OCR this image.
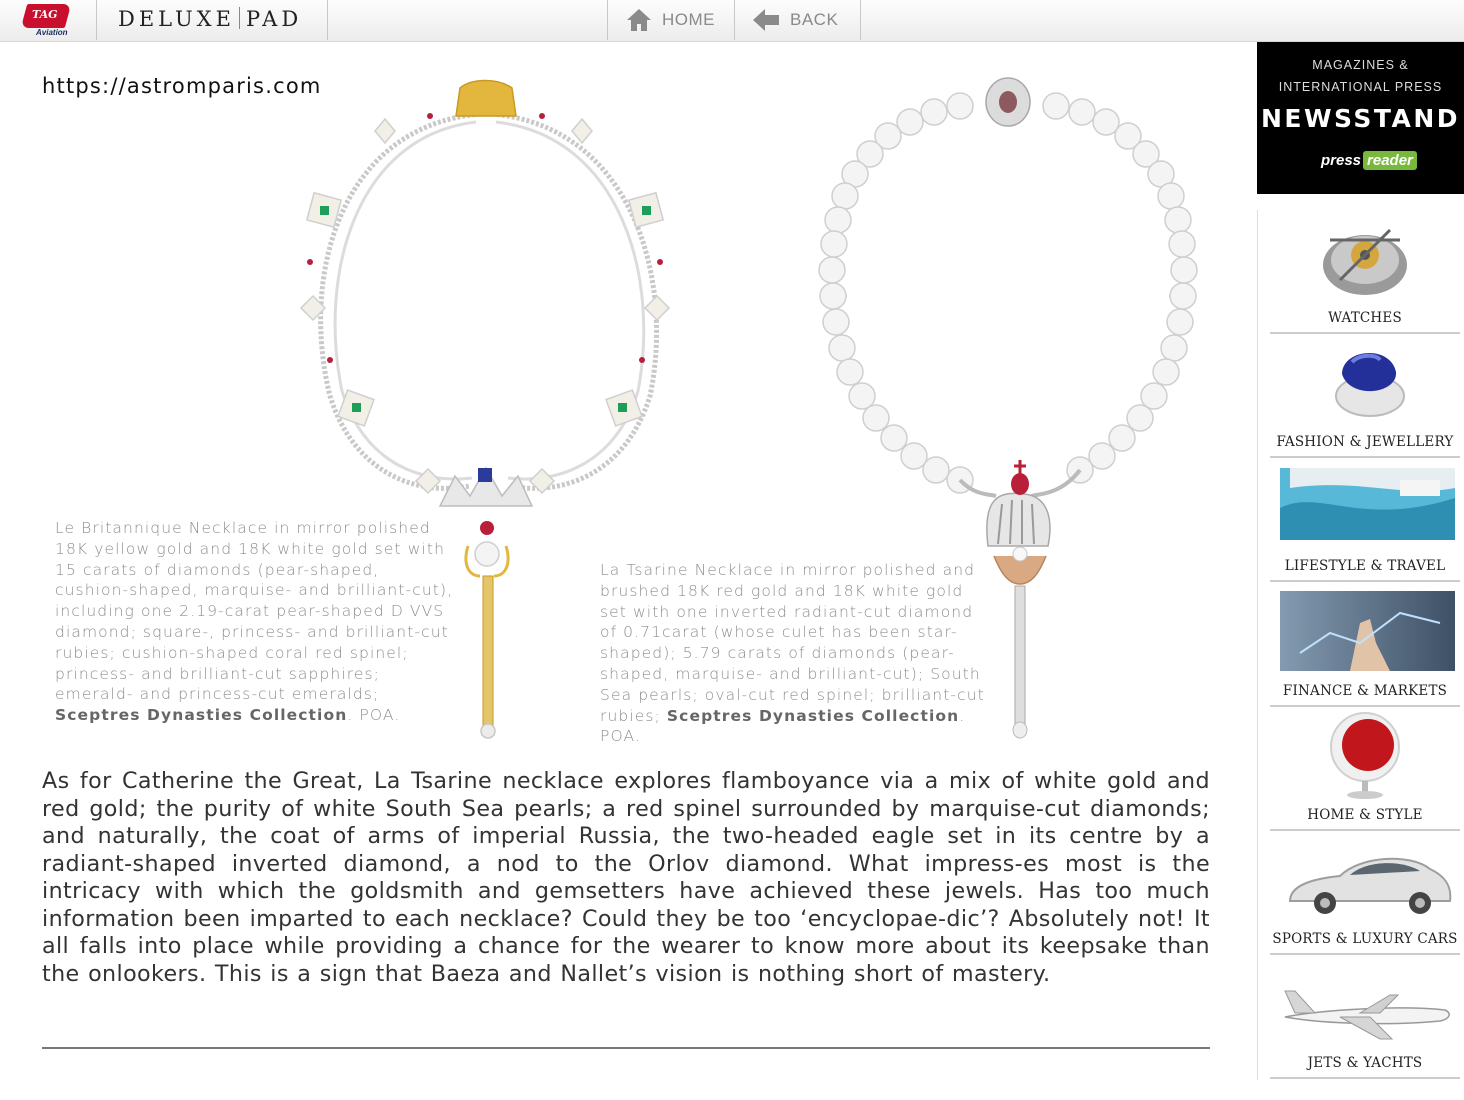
TAG
Aviation
DELUXE PAD	HOME	BACK
https://astromparis.com
Le Britannique Necklace in mirror polished 18K yellow gold and 18K white gold set with 15 carats of diamonds (pear-shaped, cushion-shaped, marquise- and brilliant-cut), including one 2.19-carat pear-shaped D VVS diamond; square-, princess- and brilliant-cut rubies; cushion-shaped coral red spinel; princess- and brilliant-cut sapphires; emerald- and princess-cut emeralds; Sceptres Dynasties Collection. POA.
La Tsarine Necklace in mirror polished and brushed 18K red gold and 18K white gold set with one inverted radiant-cut diamond of 0.71carat (whose culet has been star-shaped); 5.79 carats of diamonds (pear-shaped, marquise- and brilliant-cut); South Sea pearls; oval-cut red spinel; brilliant-cut rubies; Sceptres Dynasties Collection. POA.
As for Catherine the Great, La Tsarine necklace explores flamboyance via a mix of white gold and red gold; the purity of white South Sea pearls; a red spinel surrounded by marquise-cut diamonds; and naturally, the coat of arms of imperial Russia, the two-headed eagle set in its centre by a radiant-shaped inverted diamond, a nod to the Orlov diamond. What impress-es most is the intricacy with which the goldsmith and gemsetters have achieved these jewels. Has too much information been imparted to each necklace? Could they be too ‘encyclopae-dic’? Absolutely not! It all falls into place while providing a chance for the wearer to know more about its keepsake than the onlookers. This is a sign that Baeza and Nallet’s vision is nothing short of mastery.
MAGAZINES &
INTERNATIONAL PRESS
NEWSSTAND
press reader
WATCHES
FASHION & JEWELLERY
LIFESTYLE & TRAVEL
FINANCE & MARKETS
HOME & STYLE
SPORTS & LUXURY CARS
JETS & YACHTS
